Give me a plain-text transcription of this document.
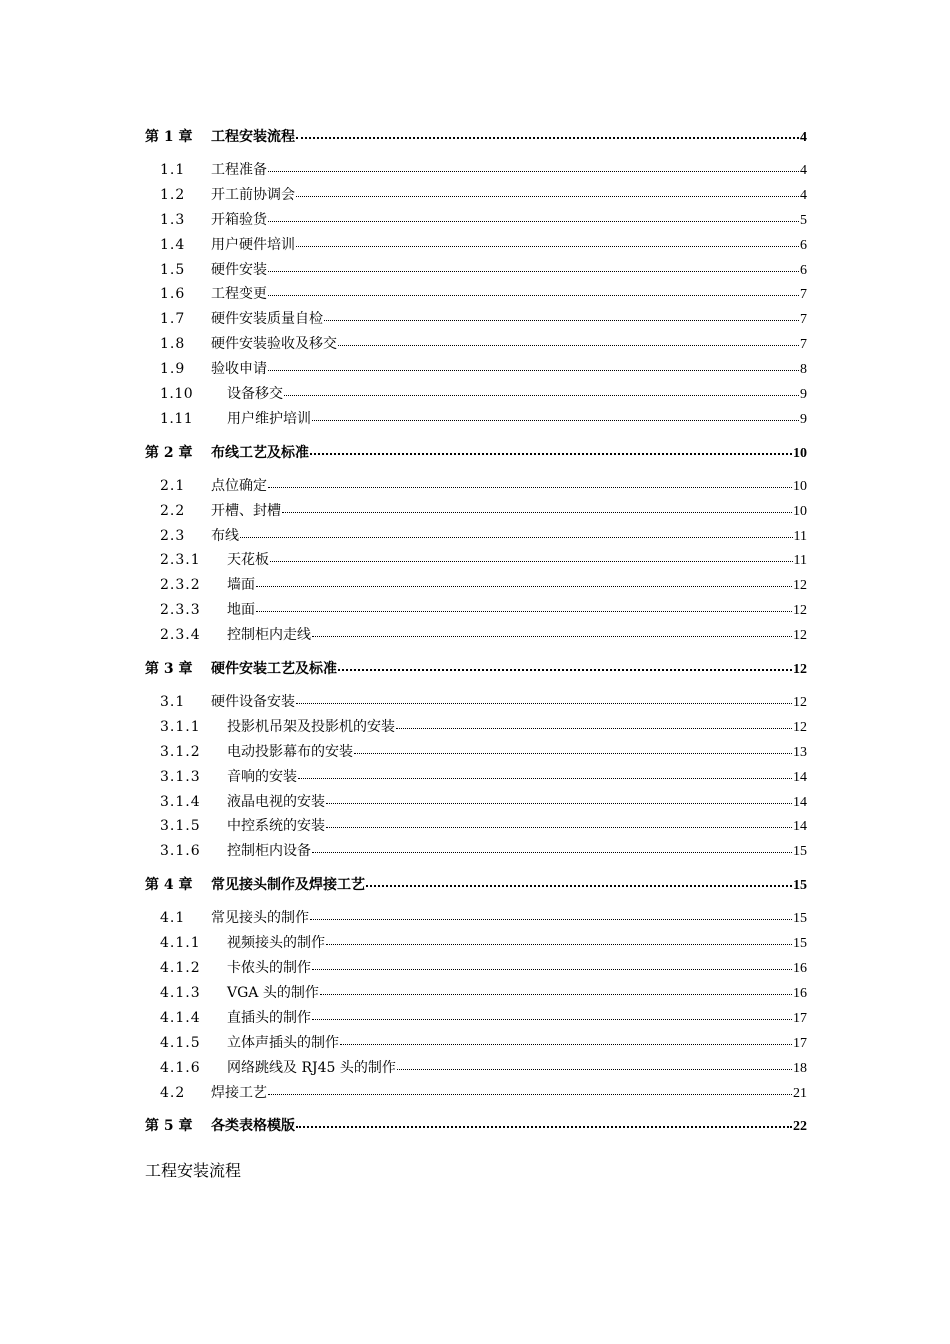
第 1 章	工程安装流程	4
1.1	工程准备	4
1.2	开工前协调会	4
1.3	开箱验货	5
1.4	用户硬件培训	6
1.5	硬件安装	6
1.6	工程变更	7
1.7	硬件安装质量自检	7
1.8	硬件安装验收及移交	7
1.9	验收申请	8
1.10	设备移交	9
1.11	用户维护培训	9
第 2 章	布线工艺及标准	10
2.1	点位确定	10
2.2	开槽、封槽	10
2.3	布线	11
2.3.1	天花板	11
2.3.2	墙面	12
2.3.3	地面	12
2.3.4	控制柜内走线	12
第 3 章	硬件安装工艺及标准	12
3.1	硬件设备安装	12
3.1.1	投影机吊架及投影机的安装	12
3.1.2	电动投影幕布的安装	13
3.1.3	音响的安装	14
3.1.4	液晶电视的安装	14
3.1.5	中控系统的安装	14
3.1.6	控制柜内设备	15
第 4 章	常见接头制作及焊接工艺	15
4.1	常见接头的制作	15
4.1.1	视频接头的制作	15
4.1.2	卡侬头的制作	16
4.1.3	VGA 头的制作	16
4.1.4	直插头的制作	17
4.1.5	立体声插头的制作	17
4.1.6	网络跳线及 RJ45 头的制作	18
4.2	焊接工艺	21
第 5 章	各类表格模版	22
工程安装流程
